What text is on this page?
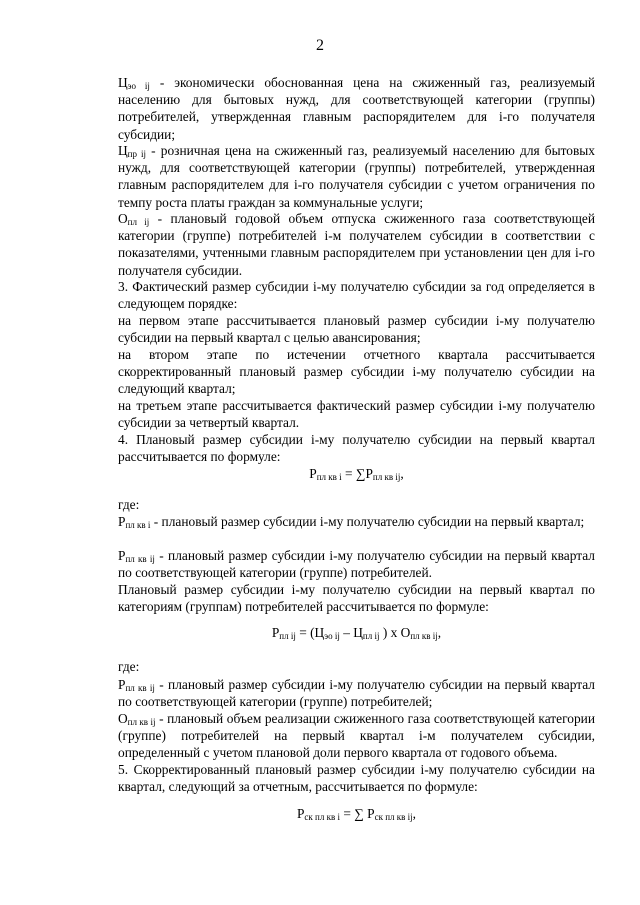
2

$Ц_{эо ij}$ - экономически обоснованная цена на сжиженный газ, реализуемый населению для бытовых нужд, для соответствующей категории (группы) потребителей, утвержденная главным распорядителем для i-го получателя субсидии;

$Ц_{пр ij}$ - розничная цена на сжиженный газ, реализуемый населению для бытовых нужд, для соответствующей категории (группы) потребителей, утвержденная главным распорядителем для i-го получателя субсидии с учетом ограничения по темпу роста платы граждан за коммунальные услуги;

$О_{пл ij}$ - плановый годовой объем отпуска сжиженного газа соответствующей категории (группе) потребителей i-м получателем субсидии в соответствии с показателями, учтенными главным распорядителем при установлении цен для i-го получателя субсидии.

3. Фактический размер субсидии i-му получателю субсидии за год определяется в следующем порядке:

на первом этапе рассчитывается плановый размер субсидии i-му получателю субсидии на первый квартал с целью авансирования;

на втором этапе по истечении отчетного квартала рассчитывается скорректированный плановый размер субсидии i-му получателю субсидии на следующий квартал;

на третьем этапе рассчитывается фактический размер субсидии i-му получателю субсидии за четвертый квартал.

4. Плановый размер субсидии i-му получателю субсидии на первый квартал рассчитывается по формуле:

$Р_{пл кв i} = \sum Р_{пл кв ij}$,

где:

$Р_{пл кв i}$ - плановый размер субсидии i-му получателю субсидии на первый квартал;

$Р_{пл кв ij}$ - плановый размер субсидии i-му получателю субсидии на первый квартал по соответствующей категории (группе) потребителей.

Плановый размер субсидии i-му получателю субсидии на первый квартал по категориям (группам) потребителей рассчитывается по формуле:

$Р_{пл ij} = (Ц_{эо ij} - Ц_{пл ij}$ ) х $О_{пл кв ij}$,

где:

$Р_{пл кв ij}$ - плановый размер субсидии i-му получателю субсидии на первый квартал по соответствующей категории (группе) потребителей;

$О_{пл кв ij}$ - плановый объем реализации сжиженного газа соответствующей категории (группе) потребителей на первый квартал i-м получателем субсидии, определенный с учетом плановой доли первого квартала от годового объема.

5. Скорректированный плановый размер субсидии i-му получателю субсидии на квартал, следующий за отчетным, рассчитывается по формуле:

$Р_{ск пл кв i}$ = ∑ $Р_{ск пл кв ij}$,
